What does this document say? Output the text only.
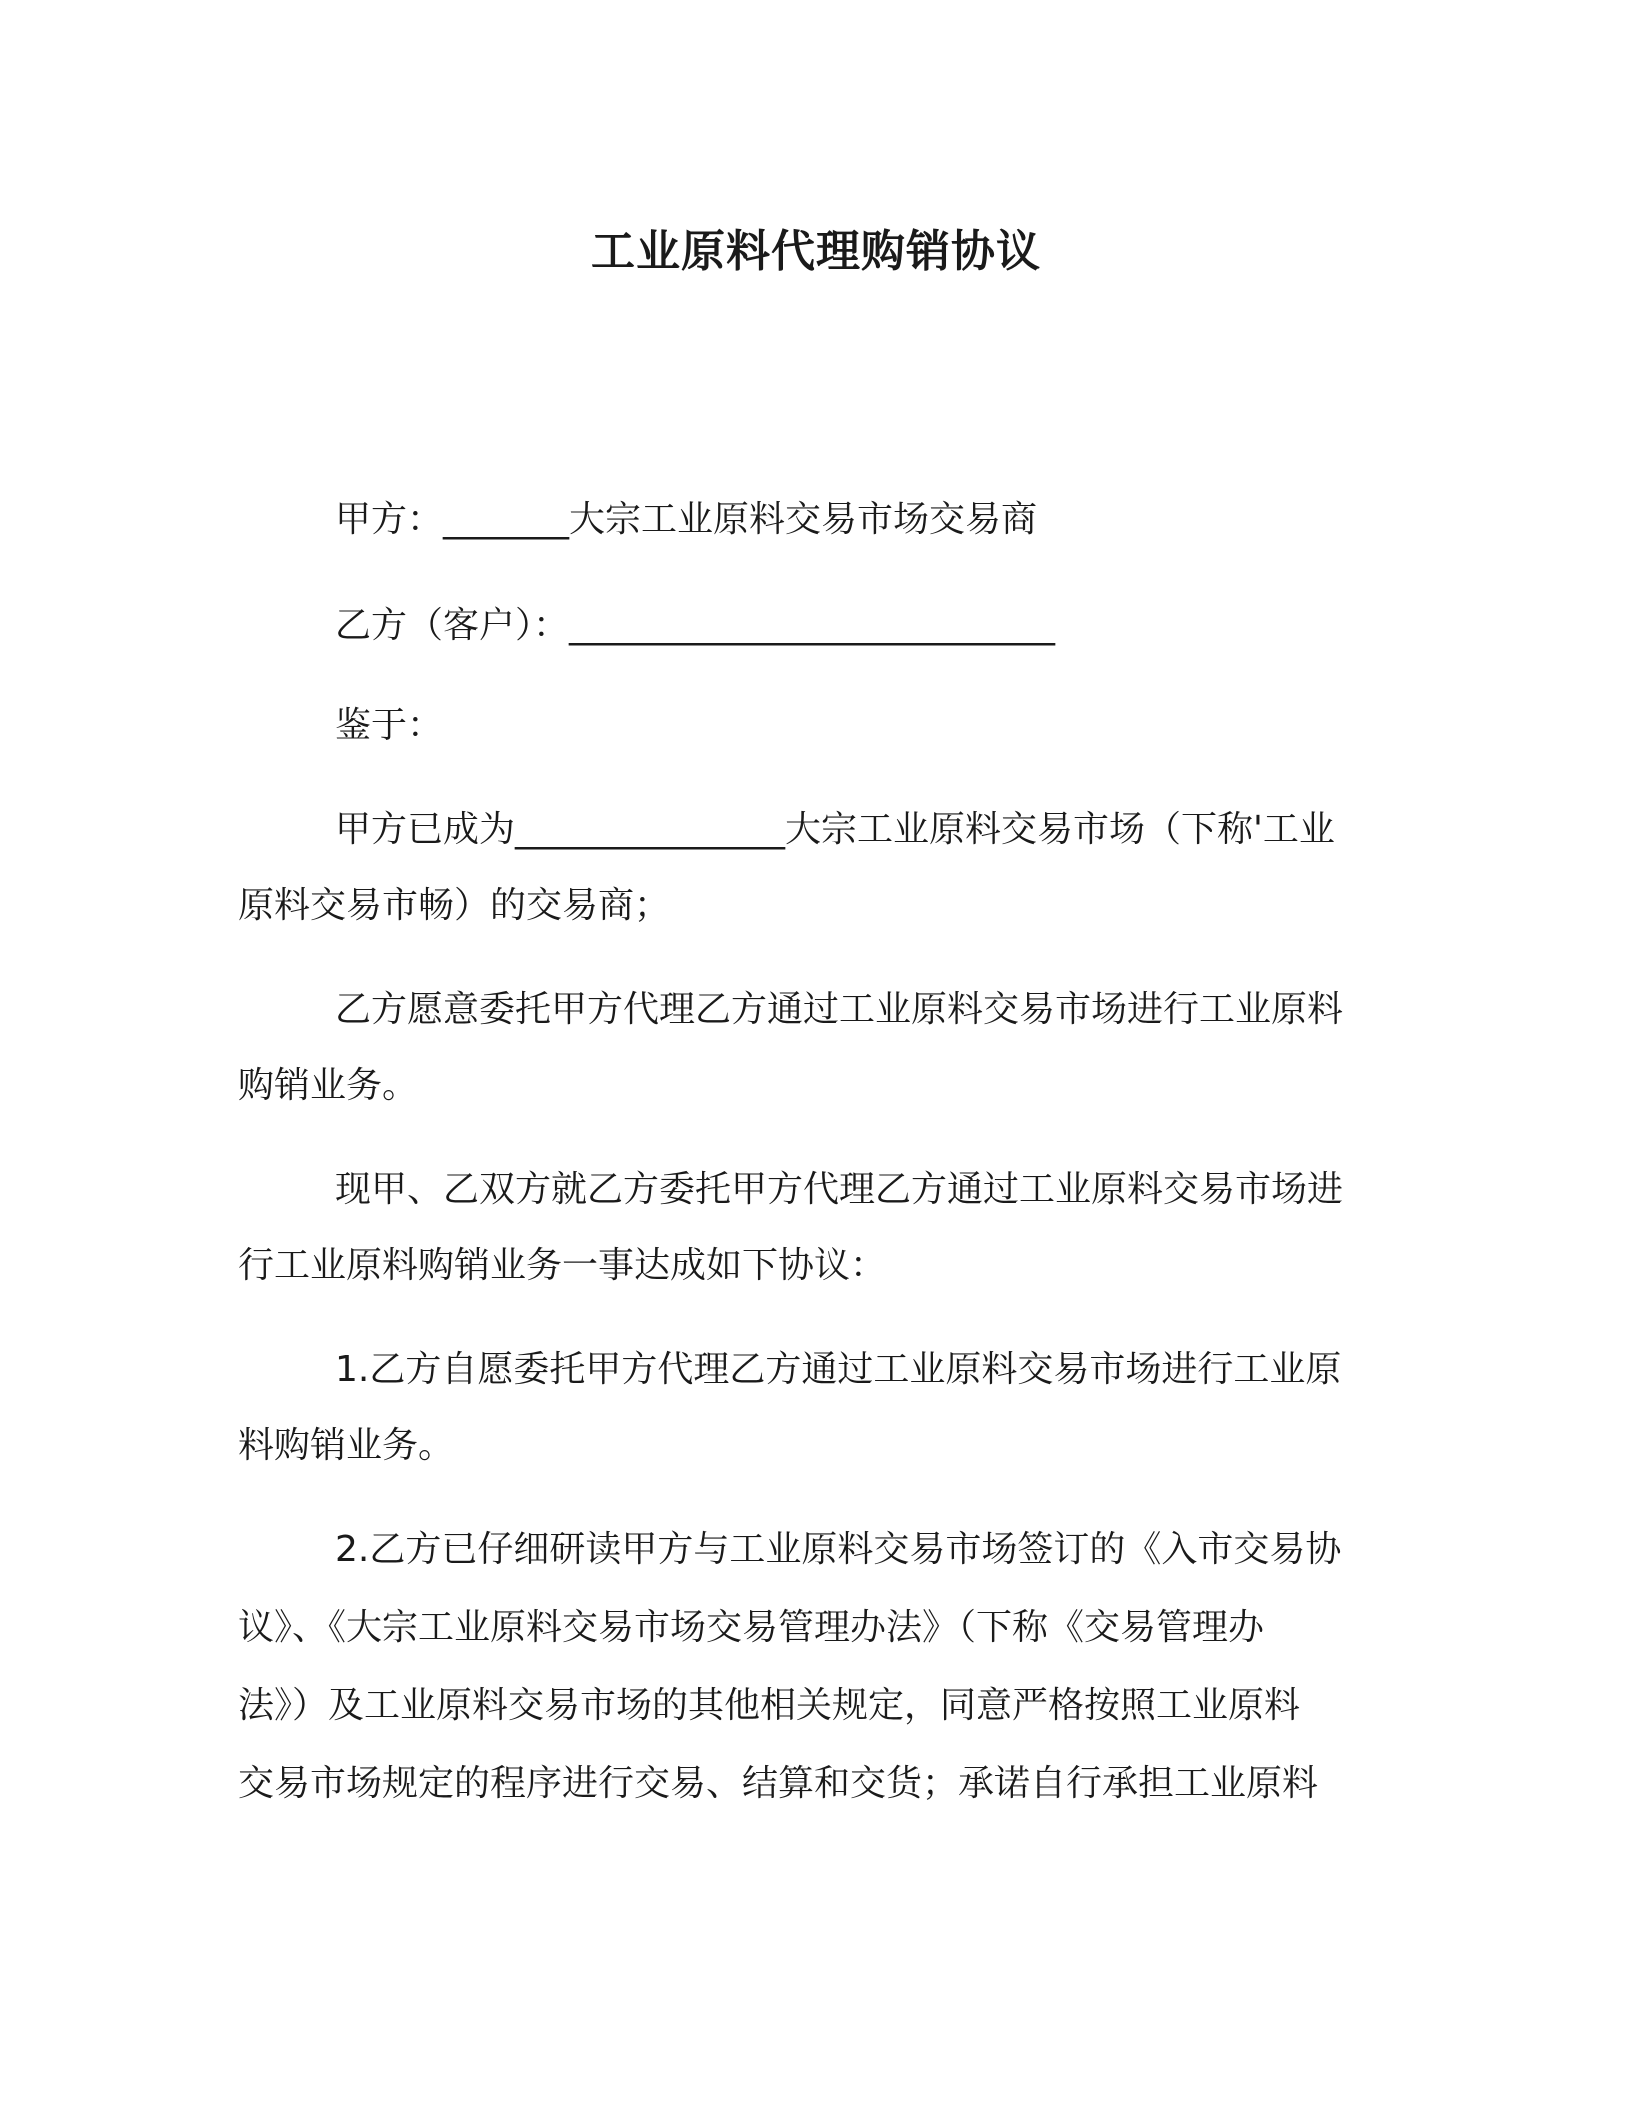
工业原料代理购销协议
甲方：_______大宗工业原料交易市场交易商
乙方（客户）：___________________________
鉴于：
甲方已成为_______________大宗工业原料交易市场（下称'工业
原料交易市畅）的交易商；
乙方愿意委托甲方代理乙方通过工业原料交易市场进行工业原料
购销业务。
现甲、乙双方就乙方委托甲方代理乙方通过工业原料交易市场进
行工业原料购销业务一事达成如下协议：
1.乙方自愿委托甲方代理乙方通过工业原料交易市场进行工业原
料购销业务。
2.乙方已仔细研读甲方与工业原料交易市场签订的《入市交易协
议》、《大宗工业原料交易市场交易管理办法》（下称《交易管理办
法》）及工业原料交易市场的其他相关规定，同意严格按照工业原料
交易市场规定的程序进行交易、结算和交货；承诺自行承担工业原料
